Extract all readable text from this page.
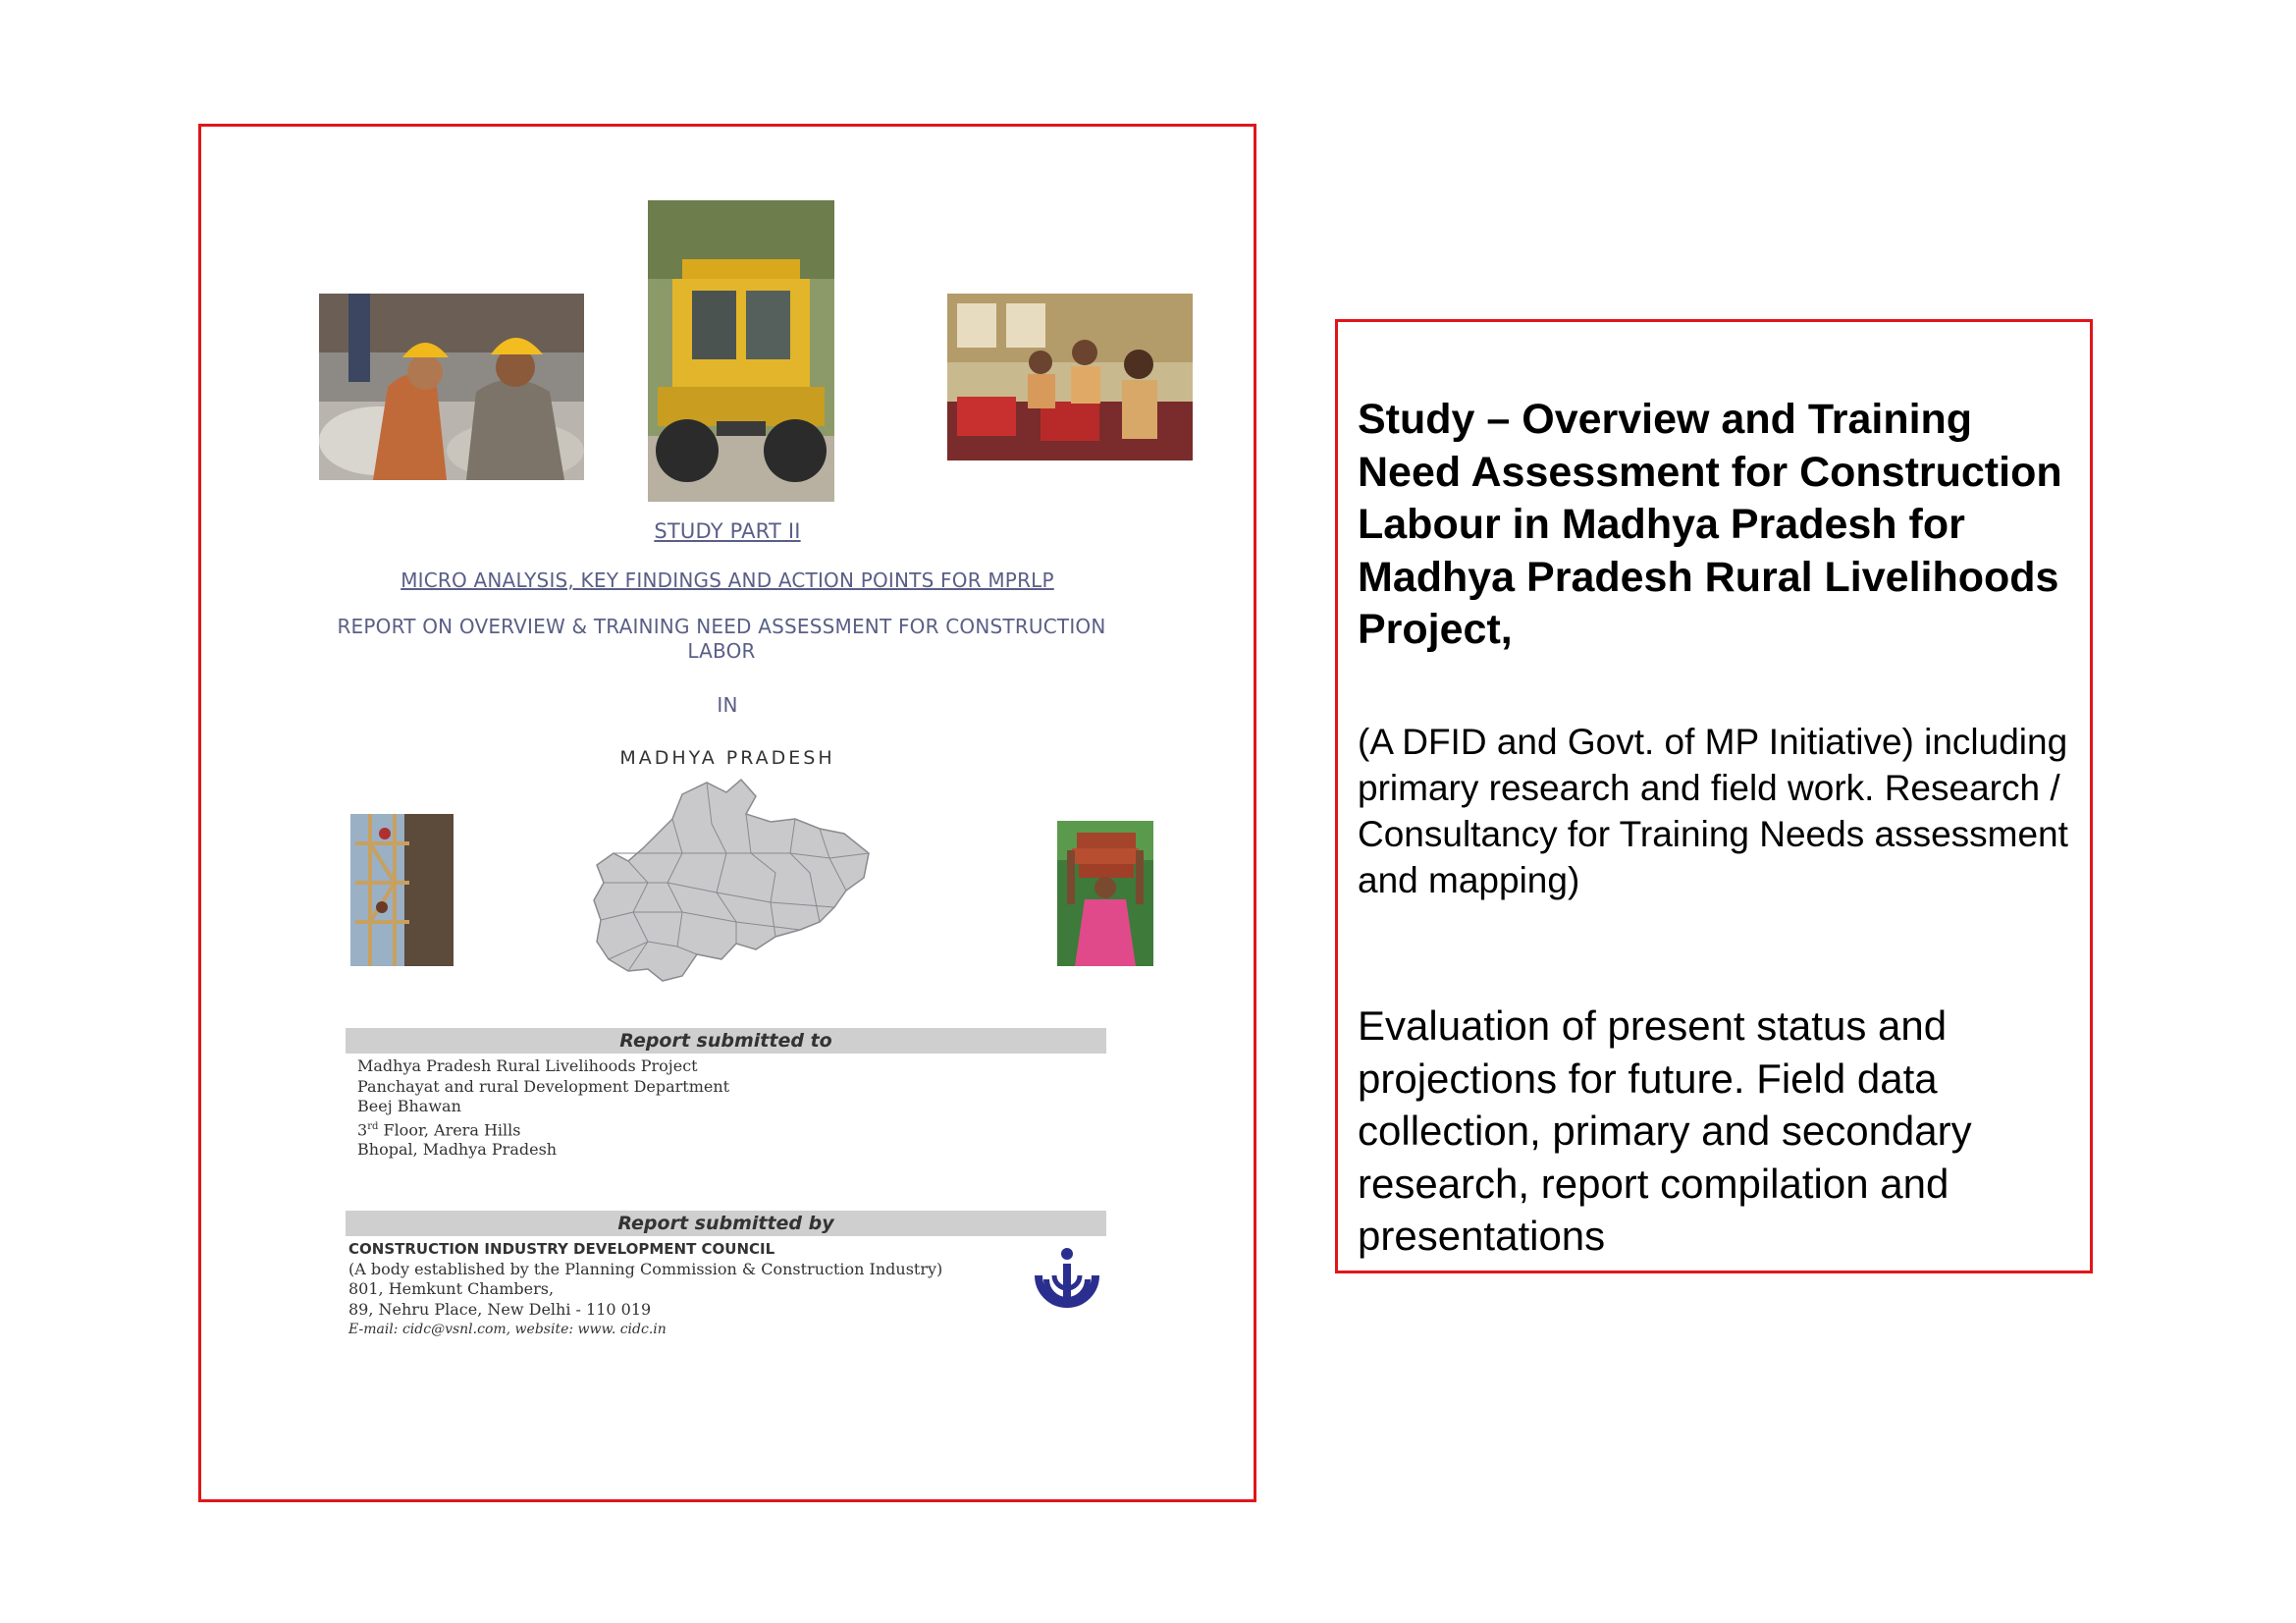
STUDY PART II
MICRO ANALYSIS, KEY FINDINGS AND ACTION POINTS FOR MPRLP
REPORT ON OVERVIEW & TRAINING NEED ASSESSMENT FOR CONSTRUCTION LABOR
IN
MADHYA PRADESH
Report submitted to
Madhya Pradesh Rural Livelihoods Project
Panchayat and rural Development Department
Beej Bhawan
3rd Floor, Arera Hills
Bhopal, Madhya Pradesh
Report submitted by
CONSTRUCTION INDUSTRY DEVELOPMENT COUNCIL
(A body established by the Planning Commission & Construction Industry)
801, Hemkunt Chambers,
89, Nehru Place, New Delhi - 110 019
E-mail: cidc@vsnl.com, website: www. cidc.in
Study – Overview and Training Need Assessment for Construction Labour in Madhya Pradesh for Madhya Pradesh Rural Livelihoods Project,
(A DFID and Govt. of MP Initiative) including primary research and field work. Research / Consultancy for Training Needs assessment and mapping)
Evaluation of present status and projections for future. Field data collection, primary and secondary research, report compilation and presentations
